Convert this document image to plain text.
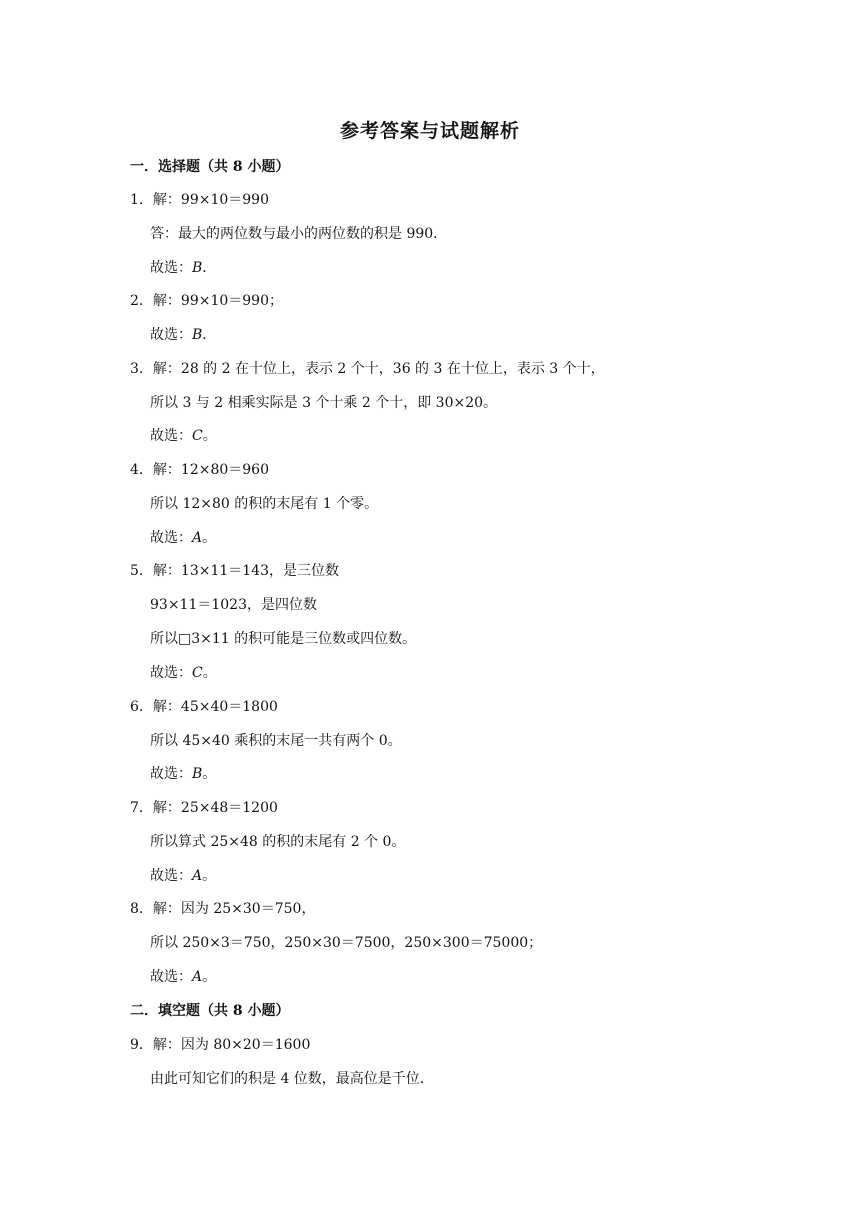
参考答案与试题解析
一．选择题（共 8 小题）
1．解：99×10＝990
答：最大的两位数与最小的两位数的积是 990．
故选：B．
2．解：99×10＝990；
故选：B．
3．解：28 的 2 在十位上，表示 2 个十，36 的 3 在十位上，表示 3 个十，
所以 3 与 2 相乘实际是 3 个十乘 2 个十，即 30×20。
故选：C。
4．解：12×80＝960
所以 12×80 的积的末尾有 1 个零。
故选：A。
5．解：13×11＝143，是三位数
93×11＝1023，是四位数
所以□3×11 的积可能是三位数或四位数。
故选：C。
6．解：45×40＝1800
所以 45×40 乘积的末尾一共有两个 0。
故选：B。
7．解：25×48＝1200
所以算式 25×48 的积的末尾有 2 个 0。
故选：A。
8．解：因为 25×30＝750，
所以 250×3＝750，250×30＝7500，250×300＝75000；
故选：A。
二．填空题（共 8 小题）
9．解：因为 80×20＝1600
由此可知它们的积是 4 位数，最高位是千位．
